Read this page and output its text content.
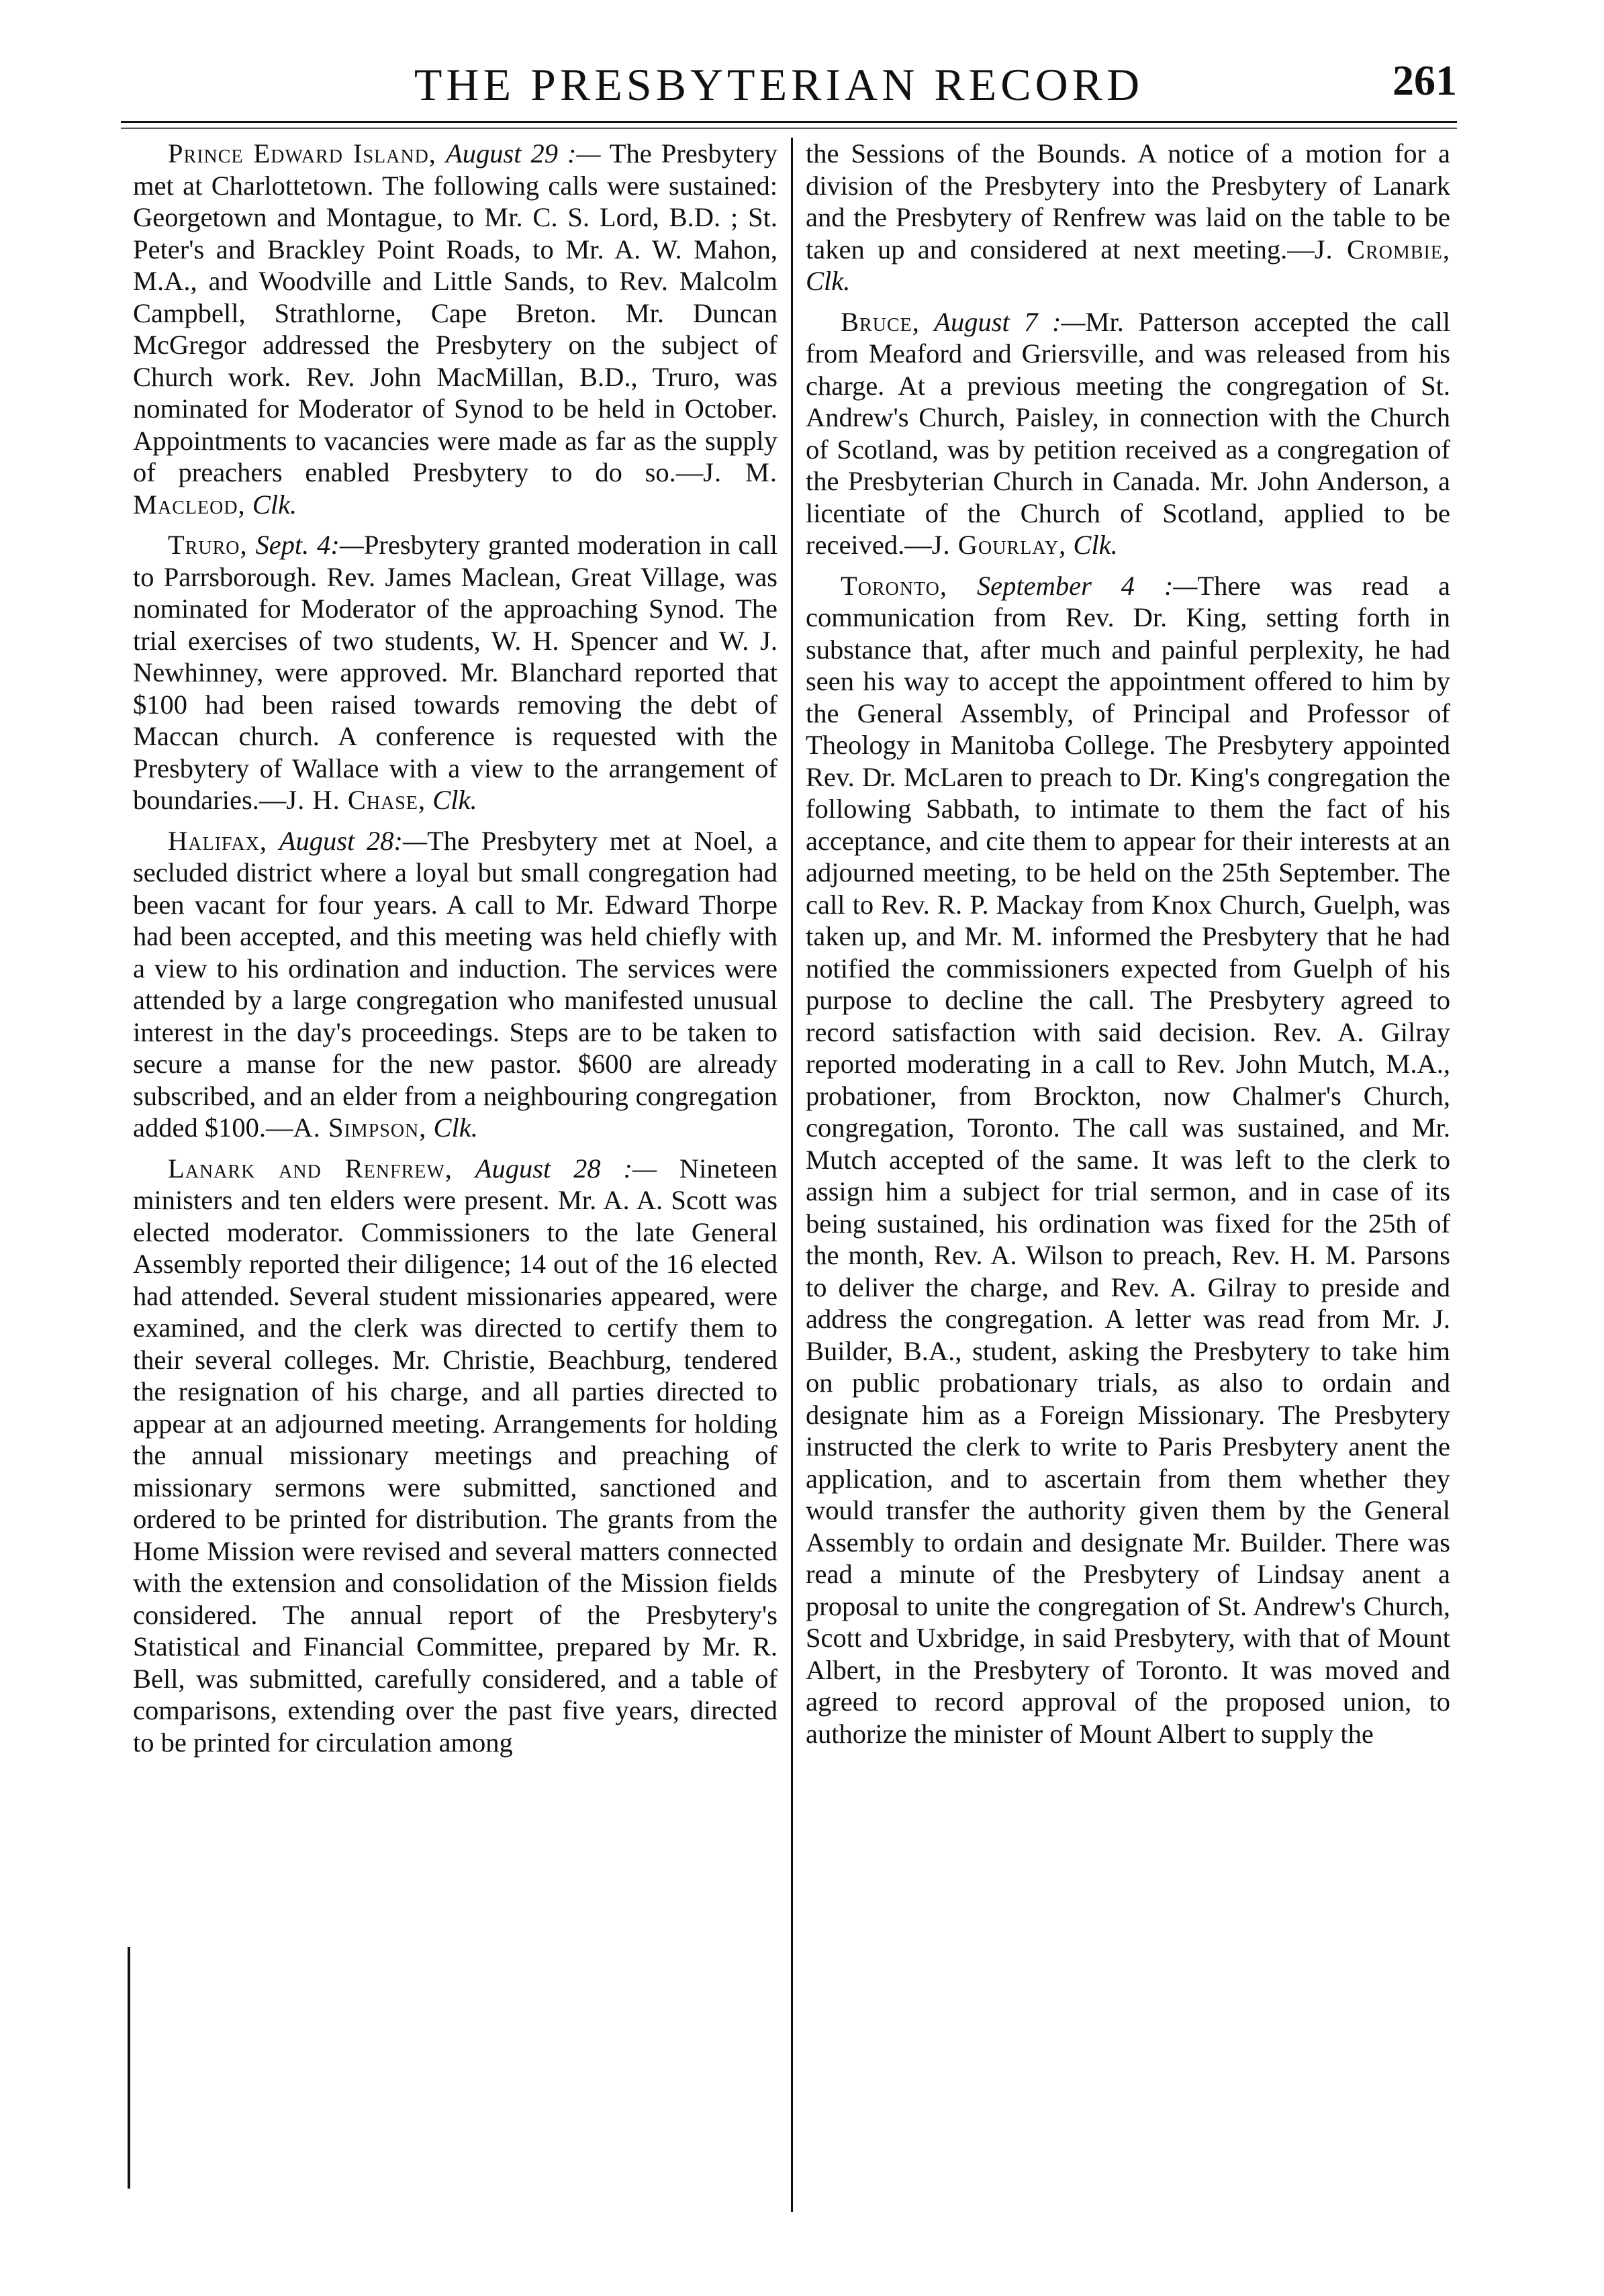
THE PRESBYTERIAN RECORD	261

Prince Edward Island, August 29 :— The Presbytery met at Charlottetown. The following calls were sustained: Georgetown and Montague, to Mr. C. S. Lord, B.D. ; St. Peter's and Brackley Point Roads, to Mr. A. W. Mahon, M.A., and Woodville and Little Sands, to Rev. Malcolm Campbell, Strathlorne, Cape Breton. Mr. Duncan McGregor addressed the Presbytery on the subject of Church work. Rev. John MacMillan, B.D., Truro, was nominated for Moderator of Synod to be held in October. Appointments to vacancies were made as far as the supply of preachers enabled Presbytery to do so.—J. M. Macleod, Clk.

Truro, Sept. 4:—Presbytery granted moderation in call to Parrsborough. Rev. James Maclean, Great Village, was nominated for Moderator of the approaching Synod. The trial exercises of two students, W. H. Spencer and W. J. Newhinney, were approved. Mr. Blanchard reported that $100 had been raised towards removing the debt of Maccan church. A conference is requested with the Presbytery of Wallace with a view to the arrangement of boundaries.—J. H. Chase, Clk.

Halifax, August 28:—The Presbytery met at Noel, a secluded district where a loyal but small congregation had been vacant for four years. A call to Mr. Edward Thorpe had been accepted, and this meeting was held chiefly with a view to his ordination and induction. The services were attended by a large congregation who manifested unusual interest in the day's proceedings. Steps are to be taken to secure a manse for the new pastor. $600 are already subscribed, and an elder from a neighbouring congregation added $100.—A. Simpson, Clk.

Lanark and Renfrew, August 28 :— Nineteen ministers and ten elders were present. Mr. A. A. Scott was elected moderator. Commissioners to the late General Assembly reported their diligence; 14 out of the 16 elected had attended. Several student missionaries appeared, were examined, and the clerk was directed to certify them to their several colleges. Mr. Christie, Beachburg, tendered the resignation of his charge, and all parties directed to appear at an adjourned meeting. Arrangements for holding the annual missionary meetings and preaching of missionary sermons were submitted, sanctioned and ordered to be printed for distribution. The grants from the Home Mission were revised and several matters connected with the extension and consolidation of the Mission fields considered. The annual report of the Presbytery's Statistical and Financial Committee, prepared by Mr. R. Bell, was submitted, carefully considered, and a table of comparisons, extending over the past five years, directed to be printed for circulation among

the Sessions of the Bounds. A notice of a motion for a division of the Presbytery into the Presbytery of Lanark and the Presbytery of Renfrew was laid on the table to be taken up and considered at next meeting.—J. Crombie, Clk.

Bruce, August 7 :—Mr. Patterson accepted the call from Meaford and Griersville, and was released from his charge. At a previous meeting the congregation of St. Andrew's Church, Paisley, in connection with the Church of Scotland, was by petition received as a congregation of the Presbyterian Church in Canada. Mr. John Anderson, a licentiate of the Church of Scotland, applied to be received.—J. Gourlay, Clk.

Toronto, September 4 :—There was read a communication from Rev. Dr. King, setting forth in substance that, after much and painful perplexity, he had seen his way to accept the appointment offered to him by the General Assembly, of Principal and Professor of Theology in Manitoba College. The Presbytery appointed Rev. Dr. McLaren to preach to Dr. King's congregation the following Sabbath, to intimate to them the fact of his acceptance, and cite them to appear for their interests at an adjourned meeting, to be held on the 25th September. The call to Rev. R. P. Mackay from Knox Church, Guelph, was taken up, and Mr. M. informed the Presbytery that he had notified the commissioners expected from Guelph of his purpose to decline the call. The Presbytery agreed to record satisfaction with said decision. Rev. A. Gilray reported moderating in a call to Rev. John Mutch, M.A., probationer, from Brockton, now Chalmer's Church, congregation, Toronto. The call was sustained, and Mr. Mutch accepted of the same. It was left to the clerk to assign him a subject for trial sermon, and in case of its being sustained, his ordination was fixed for the 25th of the month, Rev. A. Wilson to preach, Rev. H. M. Parsons to deliver the charge, and Rev. A. Gilray to preside and address the congregation. A letter was read from Mr. J. Builder, B.A., student, asking the Presbytery to take him on public probationary trials, as also to ordain and designate him as a Foreign Missionary. The Presbytery instructed the clerk to write to Paris Presbytery anent the application, and to ascertain from them whether they would transfer the authority given them by the General Assembly to ordain and designate Mr. Builder. There was read a minute of the Presbytery of Lindsay anent a proposal to unite the congregation of St. Andrew's Church, Scott and Uxbridge, in said Presbytery, with that of Mount Albert, in the Presbytery of Toronto. It was moved and agreed to record approval of the proposed union, to authorize the minister of Mount Albert to supply the
